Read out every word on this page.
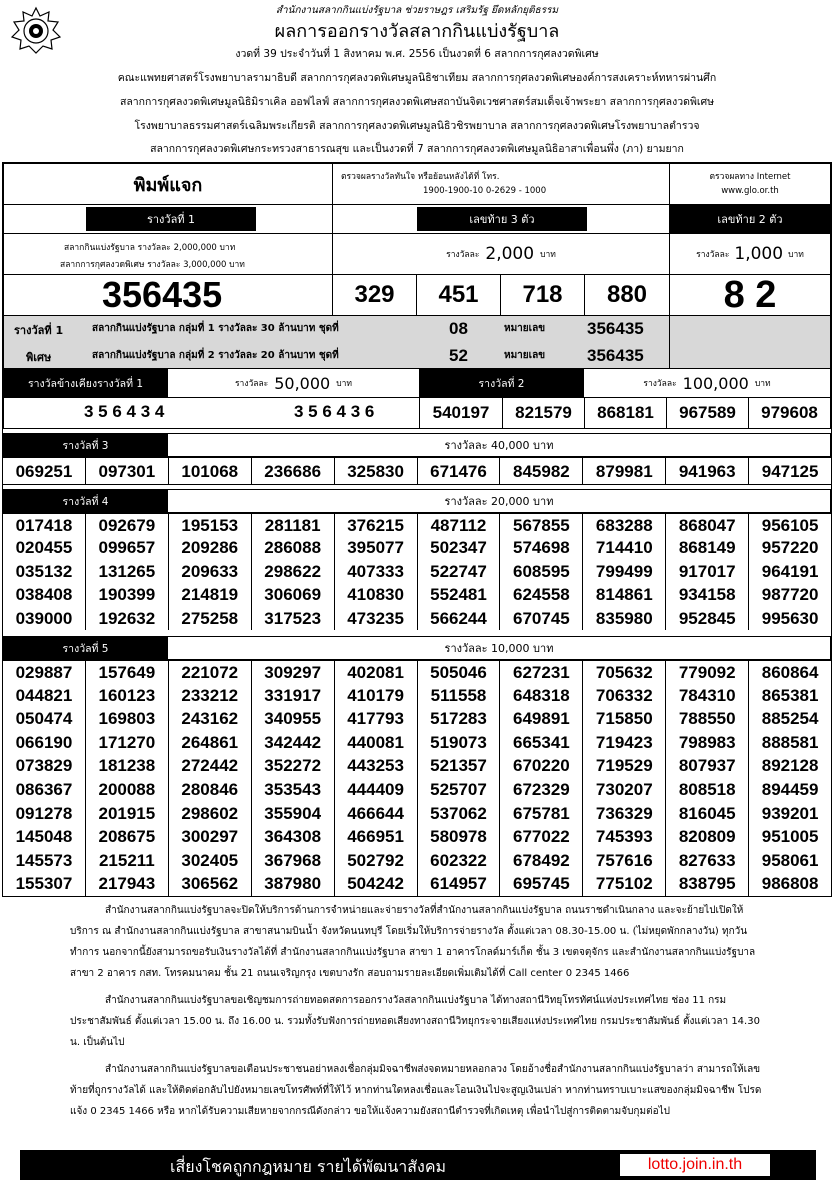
สำนักงานสลากกินแบ่งรัฐบาล ช่วยราษฎร เสริมรัฐ ยึดหลักยุติธรรม
ผลการออกรางวัลสลากกินแบ่งรัฐบาล
งวดที่ 39 ประจำวันที่ 1 สิงหาคม พ.ศ. 2556 เป็นงวดที่ 6 สลากการกุศลงวดพิเศษ
คณะแพทยศาสตร์โรงพยาบาลรามาธิบดี สลากการกุศลงวดพิเศษมูลนิธิชาเทียม สลากการกุศลงวดพิเศษองค์การสงเคราะห์ทหารผ่านศึก
สลากการกุศลงวดพิเศษมูลนิธิมิราเคิล ออฟไลฟ์ สลากการกุศลงวดพิเศษสถาบันจิตเวชศาสตร์สมเด็จเจ้าพระยา สลากการกุศลงวดพิเศษ
โรงพยาบาลธรรมศาสตร์เฉลิมพระเกียรติ สลากการกุศลงวดพิเศษมูลนิธิวชิรพยาบาล สลากการกุศลงวดพิเศษโรงพยาบาลตำรวจ
สลากการกุศลงวดพิเศษกระทรวงสาธารณสุข และเป็นงวดที่ 7 สลากการกุศลงวดพิเศษมูลนิธิอาสาเพื่อนพึ่ง (ภา) ยามยาก
พิมพ์แจก	ตรวจผลรางวัลทันใจ หรือย้อนหลังได้ที่ โทร.
1900-1900-10 0-2629 - 1000
ตรวจผลทาง Internet
www.glo.or.th
รางวัลที่ 1	เลขท้าย 3 ตัว	เลขท้าย 2 ตัว
สลากกินแบ่งรัฐบาล รางวัลละ 2,000,000 บาท
สลากการกุศลงวดพิเศษ รางวัลละ 3,000,000 บาท
รางวัลละ 2,000 บาท	รางวัลละ 1,000 บาท
356435	329	451	718	880	8 2
รางวัลที่ 1
พิเศษ
สลากกินแบ่งรัฐบาล กลุ่มที่ 1 รางวัลละ 30 ล้านบาท ชุดที่	08	หมายเลข 356435
สลากกินแบ่งรัฐบาล กลุ่มที่ 2 รางวัลละ 20 ล้านบาท ชุดที่	52	หมายเลข 356435
รางวัลข้างเคียงรางวัลที่ 1	รางวัลละ 50,000 บาท	รางวัลที่ 2	รางวัลละ 100,000 บาท
3 5 6 4 3 4	3 5 6 4 3 6	540197	821579	868181	967589	979608
รางวัลที่ 3	รางวัลละ 40,000 บาท
069251	097301	101068	236686	325830	671476	845982	879981	941963	947125
รางวัลที่ 4	รางวัลละ 20,000 บาท
017418	092679	195153	281181	376215	487112	567855	683288	868047	956105
020455	099657	209286	286088	395077	502347	574698	714410	868149	957220
035132	131265	209633	298622	407333	522747	608595	799499	917017	964191
038408	190399	214819	306069	410830	552481	624558	814861	934158	987720
039000	192632	275258	317523	473235	566244	670745	835980	952845	995630
รางวัลที่ 5	รางวัลละ 10,000 บาท
029887	157649	221072	309297	402081	505046	627231	705632	779092	860864
044821	160123	233212	331917	410179	511558	648318	706332	784310	865381
050474	169803	243162	340955	417793	517283	649891	715850	788550	885254
066190	171270	264861	342442	440081	519073	665341	719423	798983	888581
073829	181238	272442	352272	443253	521357	670220	719529	807937	892128
086367	200088	280846	353543	444409	525707	672329	730207	808518	894459
091278	201915	298602	355904	466644	537062	675781	736329	816045	939201
145048	208675	300297	364308	466951	580978	677022	745393	820809	951005
145573	215211	302405	367968	502792	602322	678492	757616	827633	958061
155307	217943	306562	387980	504242	614957	695745	775102	838795	986808

สำนักงานสลากกินแบ่งรัฐบาลจะปิดให้บริการด้านการจำหน่ายและจ่ายรางวัลที่สำนักงานสลากกินแบ่งรัฐบาล ถนนราชดำเนินกลาง และจะย้ายไปเปิดให้บริการ ณ สำนักงานสลากกินแบ่งรัฐบาล สาขาสนามบินน้ำ จังหวัดนนทบุรี โดยเริ่มให้บริการจ่ายรางวัล ตั้งแต่เวลา 08.30-15.00 น. (ไม่หยุดพักกลางวัน) ทุกวันทำการ นอกจากนี้ยังสามารถขอรับเงินรางวัลได้ที่ สำนักงานสลากกินแบ่งรัฐบาล สาขา 1 อาคารโกลด์มาร์เก็ต ชั้น 3 เขตจตุจักร และสำนักงานสลากกินแบ่งรัฐบาล สาขา 2 อาคาร กสท. โทรคมนาคม ชั้น 21 ถนนเจริญกรุง เขตบางรัก สอบถามรายละเอียดเพิ่มเติมได้ที่ Call center 0 2345 1466

สำนักงานสลากกินแบ่งรัฐบาลขอเชิญชมการถ่ายทอดสดการออกรางวัลสลากกินแบ่งรัฐบาล ได้ทางสถานีวิทยุโทรทัศน์แห่งประเทศไทย ช่อง 11 กรมประชาสัมพันธ์ ตั้งแต่เวลา 15.00 น. ถึง 16.00 น. รวมทั้งรับฟังการถ่ายทอดเสียงทางสถานีวิทยุกระจายเสียงแห่งประเทศไทย กรมประชาสัมพันธ์ ตั้งแต่เวลา 14.30 น. เป็นต้นไป

สำนักงานสลากกินแบ่งรัฐบาลขอเตือนประชาชนอย่าหลงเชื่อกลุ่มมิจฉาชีพส่งจดหมายหลอกลวง โดยอ้างชื่อสำนักงานสลากกินแบ่งรัฐบาลว่า สามารถให้เลขท้ายที่ถูกรางวัลได้ และให้ติดต่อกลับไปยังหมายเลขโทรศัพท์ที่ให้ไว้ หากท่านใดหลงเชื่อและโอนเงินไปจะสูญเงินเปล่า หากท่านทราบเบาะแสของกลุ่มมิจฉาชีพ โปรดแจ้ง 0 2345 1466 หรือ หากได้รับความเสียหายจากกรณีดังกล่าว ขอให้แจ้งความยังสถานีตำรวจที่เกิดเหตุ เพื่อนำไปสู่การติดตามจับกุมต่อไป

เสี่ยงโชคถูกกฎหมาย รายได้พัฒนาสังคม	lotto.join.in.th
